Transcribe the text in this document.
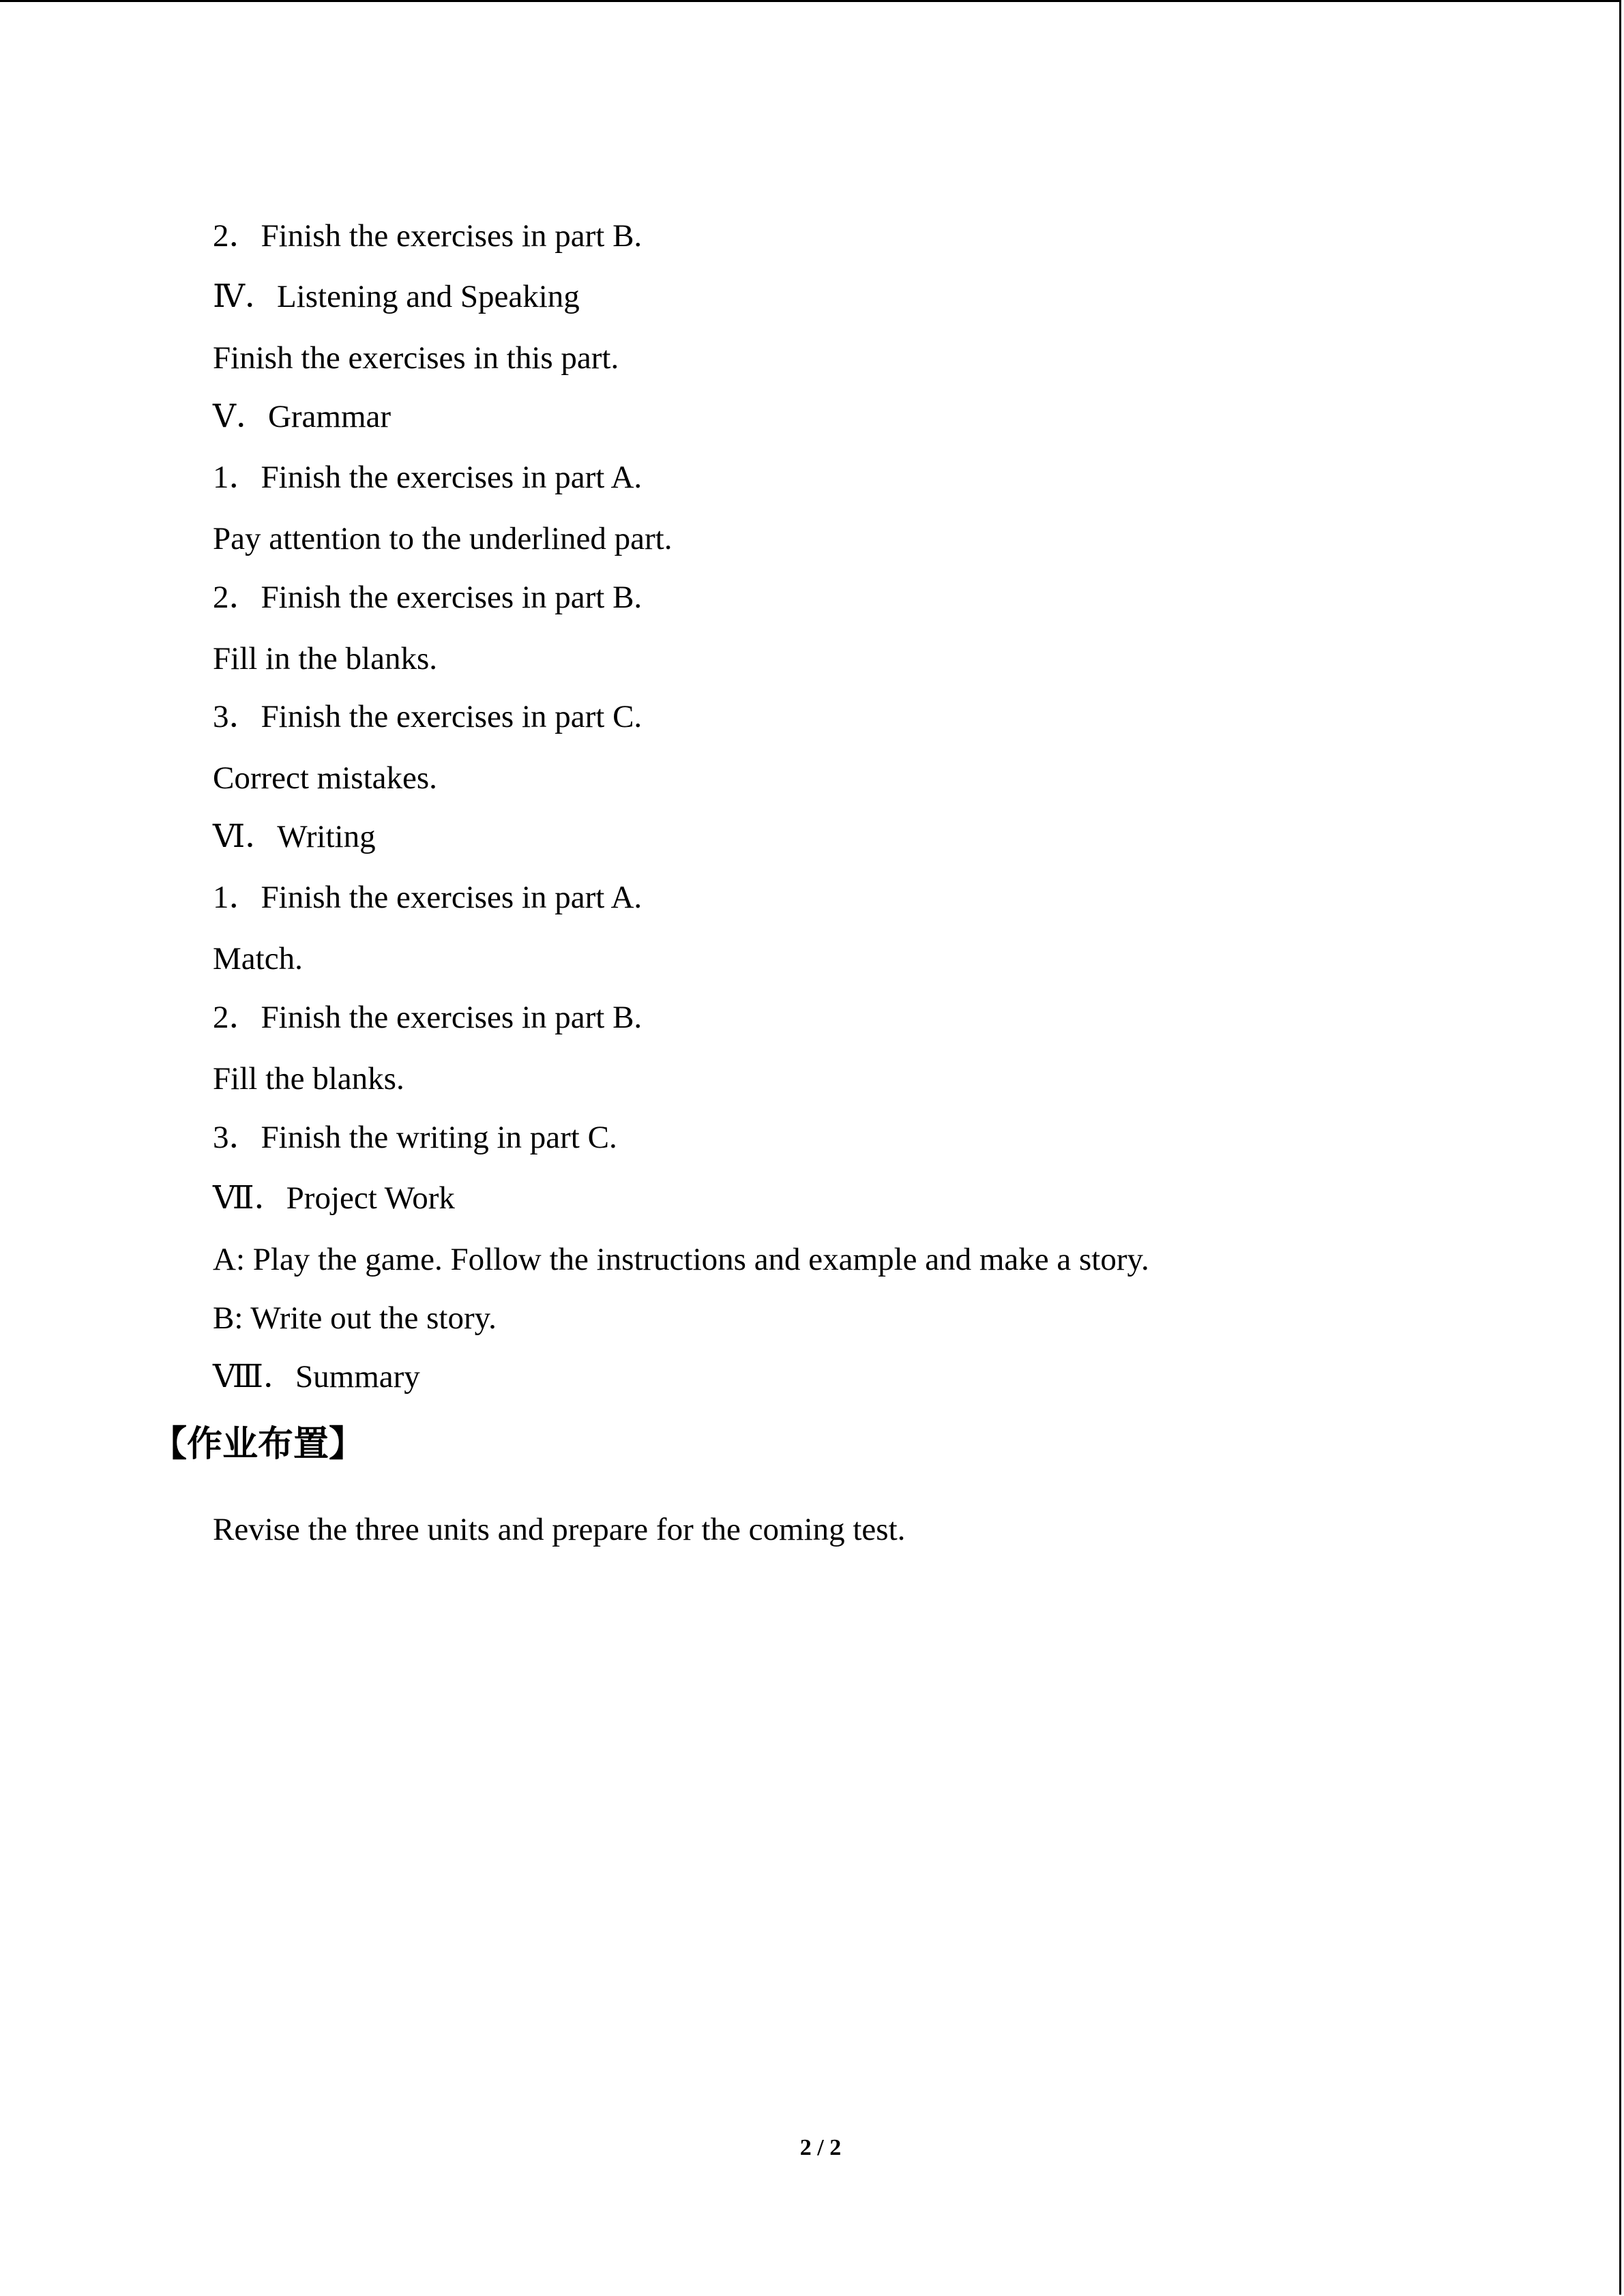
2．Finish the exercises in part B.
Ⅳ．Listening and Speaking
Finish the exercises in this part.
Ⅴ．Grammar
1．Finish the exercises in part A.
Pay attention to the underlined part.
2．Finish the exercises in part B.
Fill in the blanks.
3．Finish the exercises in part C.
Correct mistakes.
Ⅵ．Writing
1．Finish the exercises in part A.
Match.
2．Finish the exercises in part B.
Fill the blanks.
3．Finish the writing in part C.
Ⅶ．Project Work
A: Play the game. Follow the instructions and example and make a story.
B: Write out the story.
Ⅷ．Summary
【作业布置】
Revise the three units and prepare for the coming test.
2 / 2
